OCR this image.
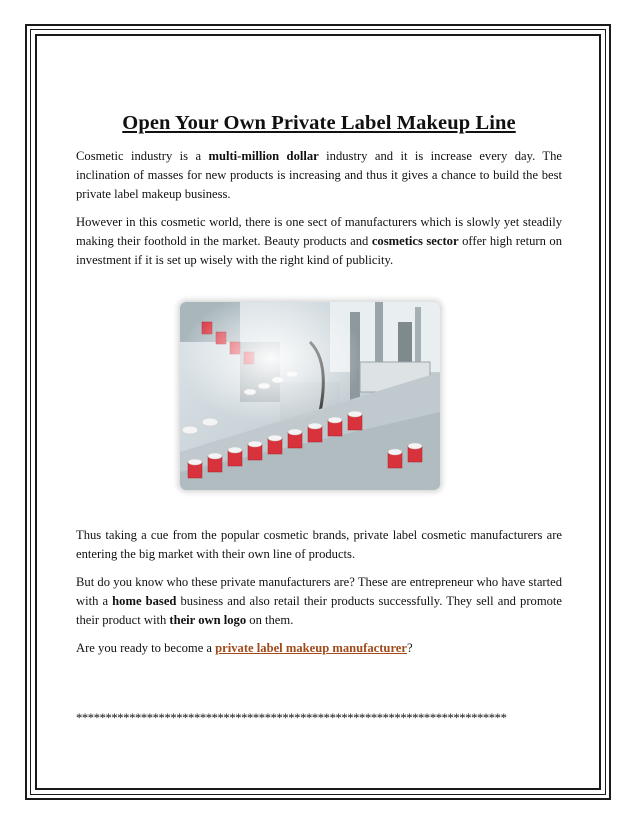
Open Your Own Private Label Makeup Line

Cosmetic industry is a multi-million dollar industry and it is increase every day. The inclination of masses for new products is increasing and thus it gives a chance to build the best private label makeup business.

However in this cosmetic world, there is one sect of manufacturers which is slowly yet steadily making their foothold in the market. Beauty products and cosmetics sector offer high return on investment if it is set up wisely with the right kind of publicity.

Thus taking a cue from the popular cosmetic brands, private label cosmetic manufacturers are entering the big market with their own line of products.

But do you know who these private manufacturers are? These are entrepreneur who have started with a home based business and also retail their products successfully. They sell and promote their product with their own logo on them.

Are you ready to become a private label makeup manufacturer?

*************************************************************************
